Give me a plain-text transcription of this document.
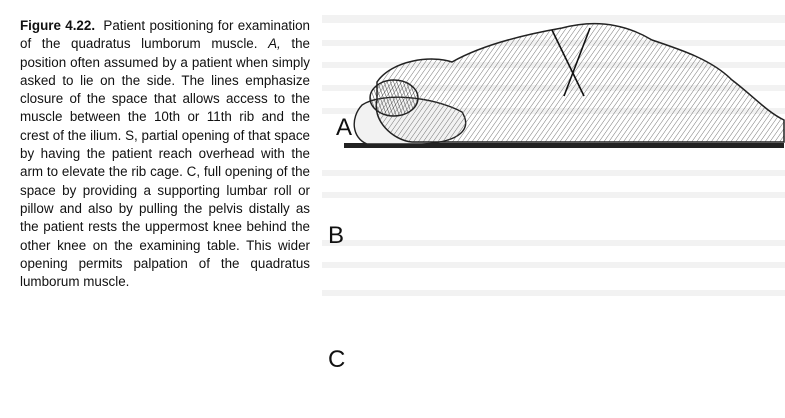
Figure 4.22. Patient positioning for examination of the quadratus lumborum muscle. A, the position often assumed by a patient when simply asked to lie on the side. The lines emphasize closure of the space that allows access to the muscle between the 10th or 11th rib and the crest of the ilium. S, partial opening of that space by having the patient reach overhead with the arm to elevate the rib cage. C, full opening of the space by providing a supporting lumbar roll or pillow and also by pulling the pelvis distally as the patient rests the uppermost knee behind the other knee on the examining table. This wider opening permits palpation of the quadratus lumborum muscle.
A
B
C
